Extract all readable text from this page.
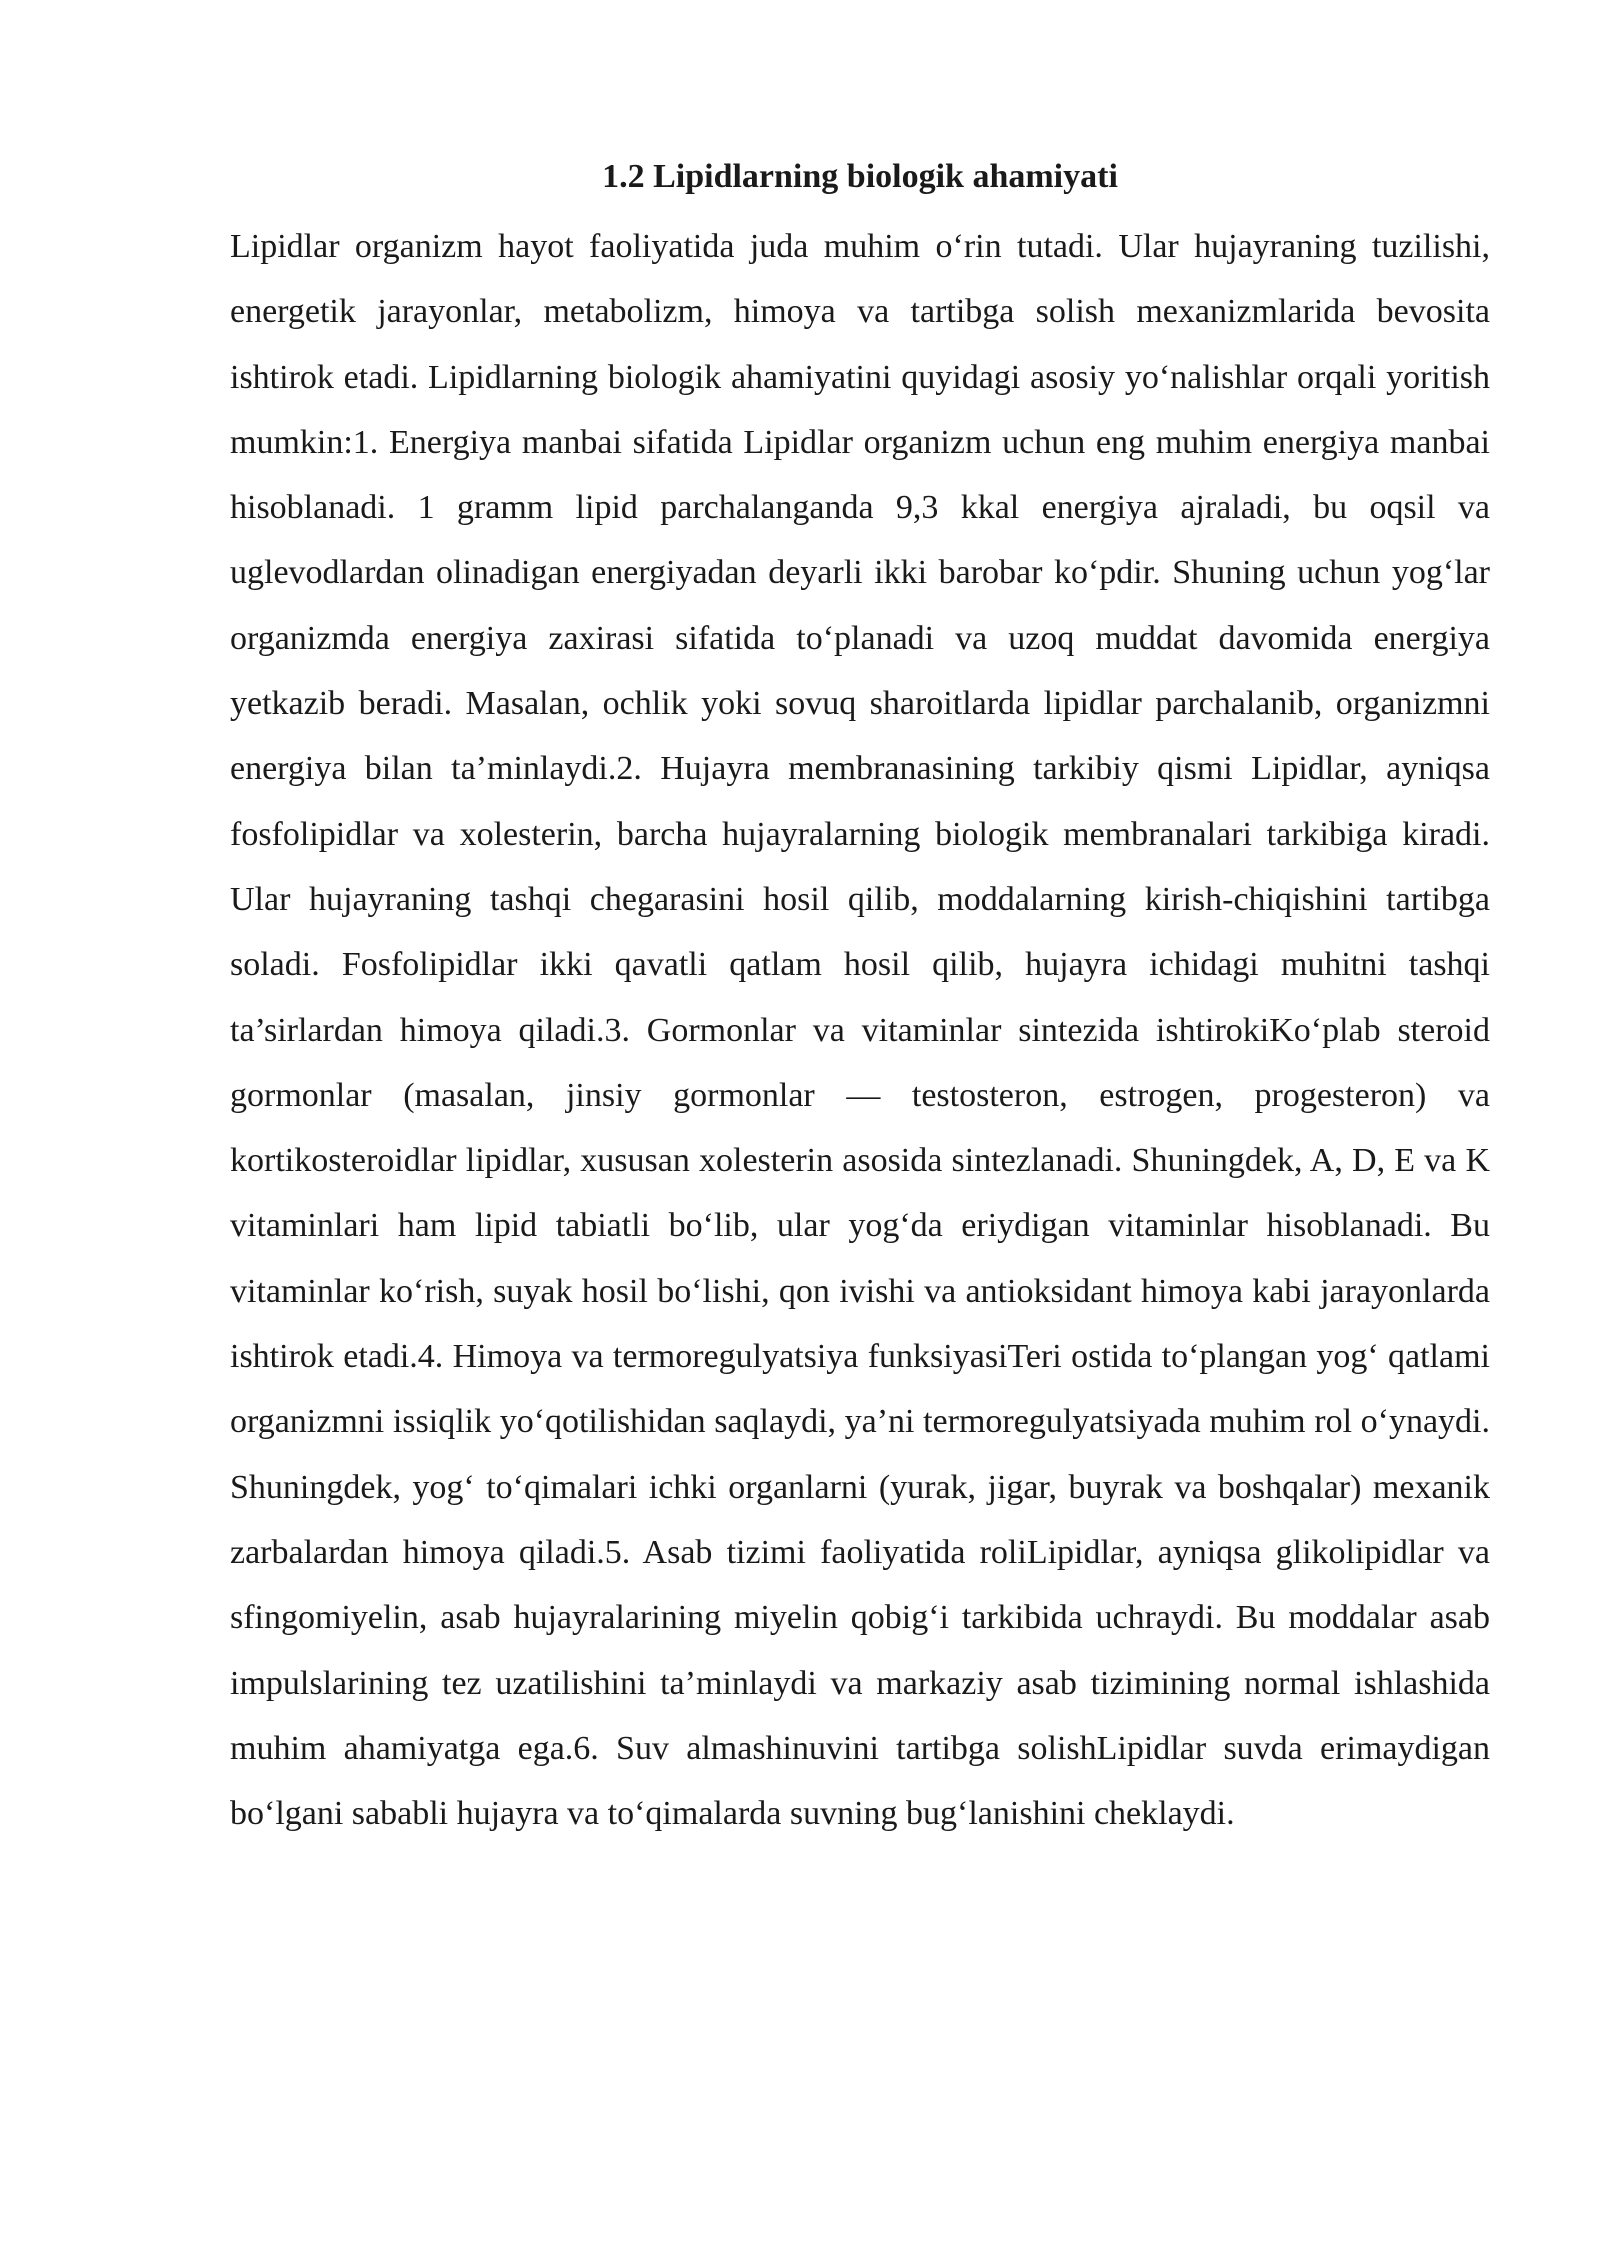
1.2 Lipidlarning biologik ahamiyati

Lipidlar organizm hayot faoliyatida juda muhim o‘rin tutadi. Ular hujayraning tuzilishi, energetik jarayonlar, metabolizm, himoya va tartibga solish mexanizmlarida bevosita ishtirok etadi. Lipidlarning biologik ahamiyatini quyidagi asosiy yo‘nalishlar orqali yoritish mumkin:1. Energiya manbai sifatida Lipidlar organizm uchun eng muhim energiya manbai hisoblanadi. 1 gramm lipid parchalanganda 9,3 kkal energiya ajraladi, bu oqsil va uglevodlardan olinadigan energiyadan deyarli ikki barobar ko‘pdir. Shuning uchun yog‘lar organizmda energiya zaxirasi sifatida to‘planadi va uzoq muddat davomida energiya yetkazib beradi. Masalan, ochlik yoki sovuq sharoitlarda lipidlar parchalanib, organizmni energiya bilan ta’minlaydi.2. Hujayra membranasining tarkibiy qismi Lipidlar, ayniqsa fosfolipidlar va xolesterin, barcha hujayralarning biologik membranalari tarkibiga kiradi. Ular hujayraning tashqi chegarasini hosil qilib, moddalarning kirish-chiqishini tartibga soladi. Fosfolipidlar ikki qavatli qatlam hosil qilib, hujayra ichidagi muhitni tashqi ta’sirlardan himoya qiladi.3. Gormonlar va vitaminlar sintezida ishtirokiKo‘plab steroid gormonlar (masalan, jinsiy gormonlar — testosteron, estrogen, progesteron) va kortikosteroidlar lipidlar, xususan xolesterin asosida sintezlanadi. Shuningdek, A, D, E va K vitaminlari ham lipid tabiatli bo‘lib, ular yog‘da eriydigan vitaminlar hisoblanadi. Bu vitaminlar ko‘rish, suyak hosil bo‘lishi, qon ivishi va antioksidant himoya kabi jarayonlarda ishtirok etadi.4. Himoya va termoregulyatsiya funksiyasiTeri ostida to‘plangan yog‘ qatlami organizmni issiqlik yo‘qotilishidan saqlaydi, ya’ni termoregulyatsiyada muhim rol o‘ynaydi. Shuningdek, yog‘ to‘qimalari ichki organlarni (yurak, jigar, buyrak va boshqalar) mexanik zarbalardan himoya qiladi.5. Asab tizimi faoliyatida roliLipidlar, ayniqsa glikolipidlar va sfingomiyelin, asab hujayralarining miyelin qobig‘i tarkibida uchraydi. Bu moddalar asab impulslarining tez uzatilishini ta’minlaydi va markaziy asab tizimining normal ishlashida muhim ahamiyatga ega.6. Suv almashinuvini tartibga solishLipidlar suvda erimaydigan bo‘lgani sababli hujayra va to‘qimalarda suvning bug‘lanishini cheklaydi.
